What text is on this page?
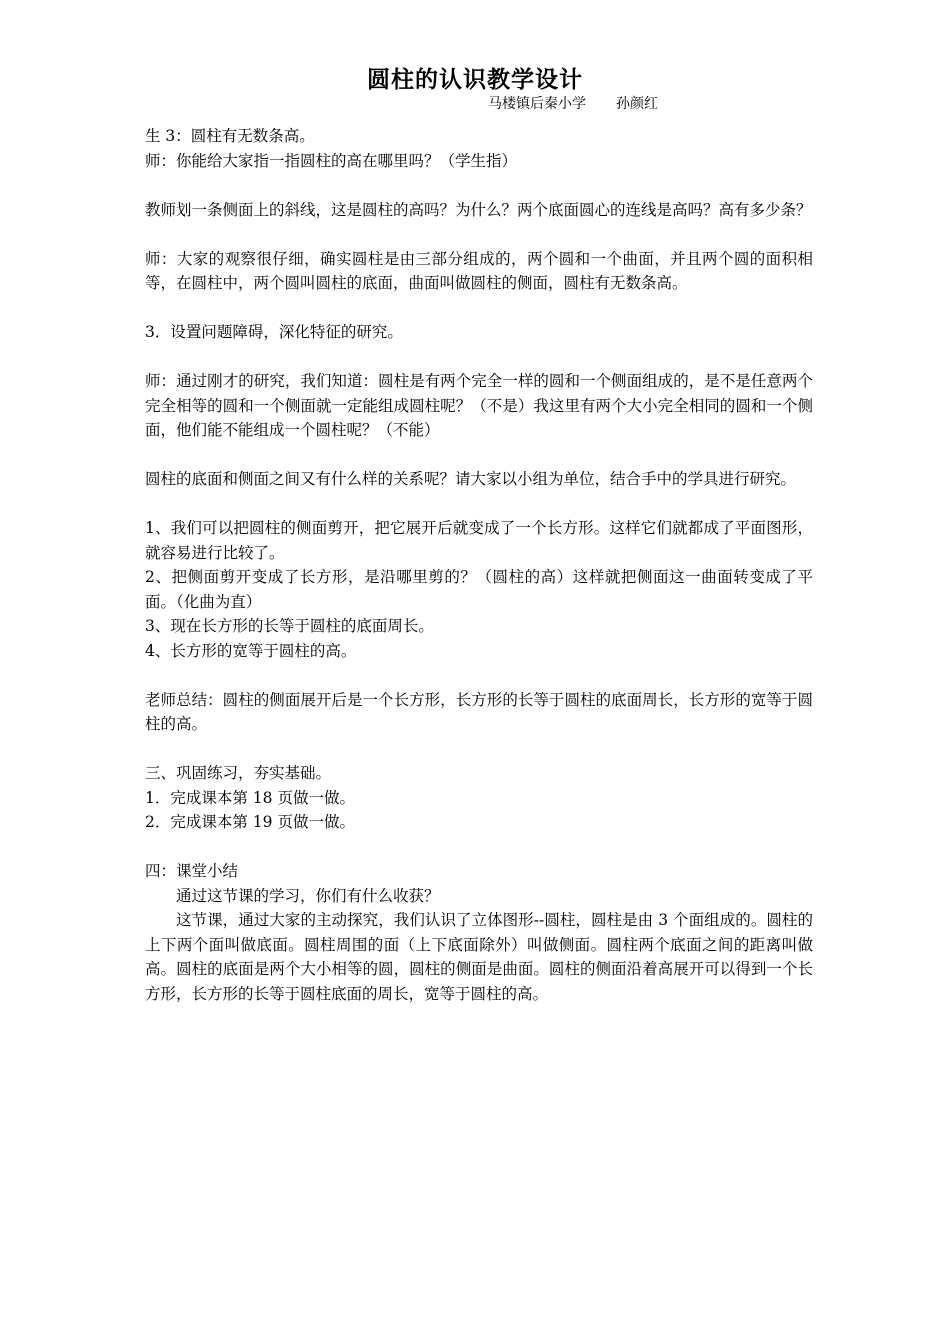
圆柱的认识教学设计
马楼镇后秦小学 孙颜红

生 3：圆柱有无数条高。

师：你能给大家指一指圆柱的高在哪里吗？（学生指）

教师划一条侧面上的斜线，这是圆柱的高吗？为什么？两个底面圆心的连线是高吗？高有多少条？

师：大家的观察很仔细，确实圆柱是由三部分组成的，两个圆和一个曲面，并且两个圆的面积相等，在圆柱中，两个圆叫圆柱的底面，曲面叫做圆柱的侧面，圆柱有无数条高。

3．设置问题障碍，深化特征的研究。

师：通过刚才的研究，我们知道：圆柱是有两个完全一样的圆和一个侧面组成的，是不是任意两个完全相等的圆和一个侧面就一定能组成圆柱呢？（不是）我这里有两个大小完全相同的圆和一个侧面，他们能不能组成一个圆柱呢？（不能）

圆柱的底面和侧面之间又有什么样的关系呢？请大家以小组为单位，结合手中的学具进行研究。

1、我们可以把圆柱的侧面剪开，把它展开后就变成了一个长方形。这样它们就都成了平面图形，就容易进行比较了。

2、把侧面剪开变成了长方形，是沿哪里剪的？（圆柱的高）这样就把侧面这一曲面转变成了平面。（化曲为直）

3、现在长方形的长等于圆柱的底面周长。

4、长方形的宽等于圆柱的高。

老师总结：圆柱的侧面展开后是一个长方形，长方形的长等于圆柱的底面周长，长方形的宽等于圆柱的高。

三、巩固练习，夯实基础。

1．完成课本第 18 页做一做。

2．完成课本第 19 页做一做。

四：课堂小结

通过这节课的学习，你们有什么收获？

这节课，通过大家的主动探究，我们认识了立体图形--圆柱，圆柱是由 3 个面组成的。圆柱的上下两个面叫做底面。圆柱周围的面（上下底面除外）叫做侧面。圆柱两个底面之间的距离叫做高。圆柱的底面是两个大小相等的圆，圆柱的侧面是曲面。圆柱的侧面沿着高展开可以得到一个长方形，长方形的长等于圆柱底面的周长，宽等于圆柱的高。
